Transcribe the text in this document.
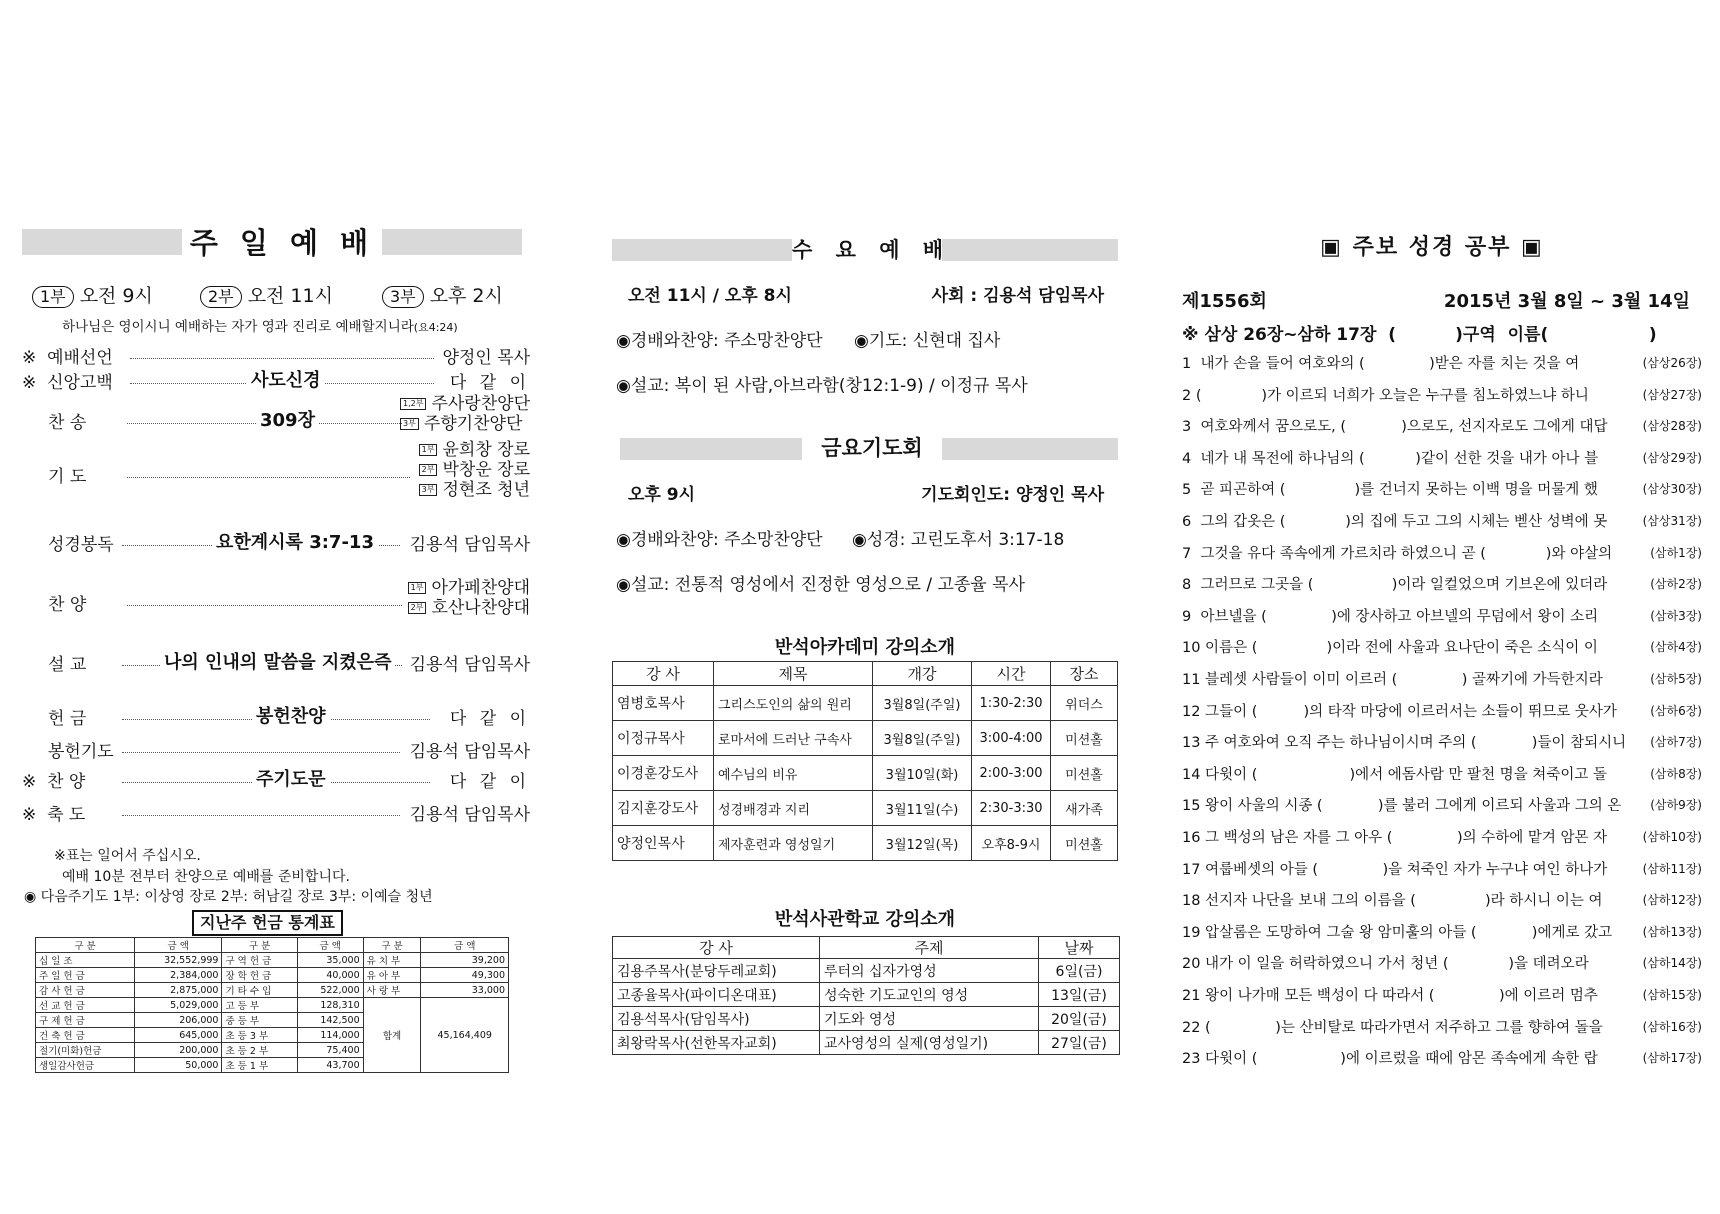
주 일 예 배
1부 오전 9시	2부 오전 11시	3부 오후 2시
하나님은 영이시니 예배하는 자가 영과 진리로 예배할지니라(요4:24)
※ 예배선언	양정인 목사
※ 신앙고백	사도신경	다 같 이
찬 송	309장
1,2부 주사랑찬양단
3부 주향기찬양단
기 도
1부 윤희창 장로
2부 박창운 장로
3부 정현조 청년
성경봉독	요한계시록 3:7-13 김용석 담임목사
찬 양
1부 아가페찬양대
2부 호산나찬양대
설 교	나의 인내의 말씀을 지켰은즉 김용석 담임목사
헌 금	봉헌찬양	다 같 이
봉헌기도	김용석 담임목사
※ 찬 양	주기도문	다 같 이
※ 축 도	김용석 담임목사
※표는 일어서 주십시오.
예배 10분 전부터 찬양으로 예배를 준비합니다.
◉ 다음주기도 1부: 이상영 장로 2부: 허남길 장로 3부: 이예슬 청년
지난주 헌금 통계표
구 분	금 액	구 분	금 액	구 분	금 액
십 일 조	32,552,999	구 역 헌 금	35,000	유 치 부	39,200
주 일 헌 금	2,384,000	장 학 헌 금	40,000	유 아 부	49,300
감 사 헌 금	2,875,000	기 타 수 입	522,000	사 랑 부	33,000
선 교 헌 금	5,029,000	고 등 부	128,310	합계	45,164,409
구 제 헌 금	206,000	중 등 부	142,500		
건 축 헌 금	645,000	초 등 3 부	114,000		
절기(미화)헌금	200,000	초 등 2 부	75,400		
생일감사헌금	50,000	초 등 1 부	43,700		
수 요 예 배
오전 11시 / 오후 8시	사회 : 김용석 담임목사
◉경배와찬양: 주소망찬양단 ◉기도: 신현대 집사
◉설교: 복이 된 사람,아브라함(창12:1-9) / 이정규 목사
금요기도회
오후 9시	기도회인도: 양정인 목사
◉경배와찬양: 주소망찬양단 ◉성경: 고린도후서 3:17-18
◉설교: 전통적 영성에서 진정한 영성으로 / 고종율 목사
반석아카데미 강의소개
강 사	제목	개강	시간	장소
염병호목사	그리스도인의 삶의 원리	3월8일(주일)	1:30-2:30	위더스
이정규목사	로마서에 드러난 구속사	3월8일(주일)	3:00-4:00	미션홀
이경훈강도사	예수님의 비유	3월10일(화)	2:00-3:00	미션홀
김지훈강도사	성경배경과 지리	3월11일(수)	2:30-3:30	새가족
양정인목사	제자훈련과 영성일기	3월12일(목)	오후8-9시	미션홀
반석사관학교 강의소개
강 사	주제	날짜
김용주목사(분당두레교회)	루터의 십자가영성	6일(금)
고종율목사(파이디온대표)	성숙한 기도교인의 영성	13일(금)
김용석목사(담임목사)	기도와 영성	20일(금)
최왕락목사(선한목자교회)	교사영성의 실제(영성일기)	27일(금)
▣ 주보 성경 공부 ▣
제1556회	2015년 3월 8일 ~ 3월 14일
※ 삼상 26장~삼하 17장  (          )구역  이름(                 )
1  내가 손을 들어 여호와의 (              )받은 자를 치는 것을 여	(삼상26장)
2 (             )가 이르되 너희가 오늘은 누구를 침노하였느냐 하니	(삼상27장)
3  여호와께서 꿈으로도, (            )으로도, 선지자로도 그에게 대답	(삼상28장)
4  네가 내 목전에 하나님의 (           )같이 선한 것을 내가 아나 블	(삼상29장)
5  곧 피곤하여 (               )를 건너지 못하는 이백 명을 머물게 했	(삼상30장)
6  그의 갑옷은 (             )의 집에 두고 그의 시체는 벧산 성벽에 못	(삼상31장)
7  그것을 유다 족속에게 가르치라 하였으니 곧 (             )와 야살의	(삼하1장)
8  그러므로 그곳을 (                 )이라 일컬었으며 기브온에 있더라	(삼하2장)
9  아브넬을 (              )에 장사하고 아브넬의 무덤에서 왕이 소리	(삼하3장)
10 이름은 (               )이라 전에 사울과 요나단이 죽은 소식이 이	(삼하4장)
11 블레셋 사람들이 이미 이르러 (              ) 골짜기에 가득한지라	(삼하5장)
12 그들이 (          )의 타작 마당에 이르러서는 소들이 뛰므로 웃사가	(삼하6장)
13 주 여호와여 오직 주는 하나님이시며 주의 (            )들이 참되시니 (삼하7장)
14 다윗이 (                    )에서 에돔사람 만 팔천 명을 쳐죽이고 돌	(삼하8장)
15 왕이 사울의 시종 (            )를 불러 그에게 이르되 사울과 그의 온 (삼하9장)
16 그 백성의 남은 자를 그 아우 (              )의 수하에 맡겨 암몬 자	(삼하10장)
17 여룹베셋의 아들 (              )을 쳐죽인 자가 누구냐 여인 하나가	(삼하11장)
18 선지자 나단을 보내 그의 이름을 (               )라 하시니 이는 여	(삼하12장)
19 압살롬은 도망하여 그술 왕 암미훌의 아들 (            )에게로 갔고	(삼하13장)
20 내가 이 일을 허락하였으니 가서 청년 (             )을 데려오라	(삼하14장)
21 왕이 나가매 모든 백성이 다 따라서 (              )에 이르러 멈추	(삼하15장)
22 (              )는 산비탈로 따라가면서 저주하고 그를 향하여 돌을	(삼하16장)
23 다윗이 (                  )에 이르렀을 때에 암몬 족속에게 속한 랍	(삼하17장)
